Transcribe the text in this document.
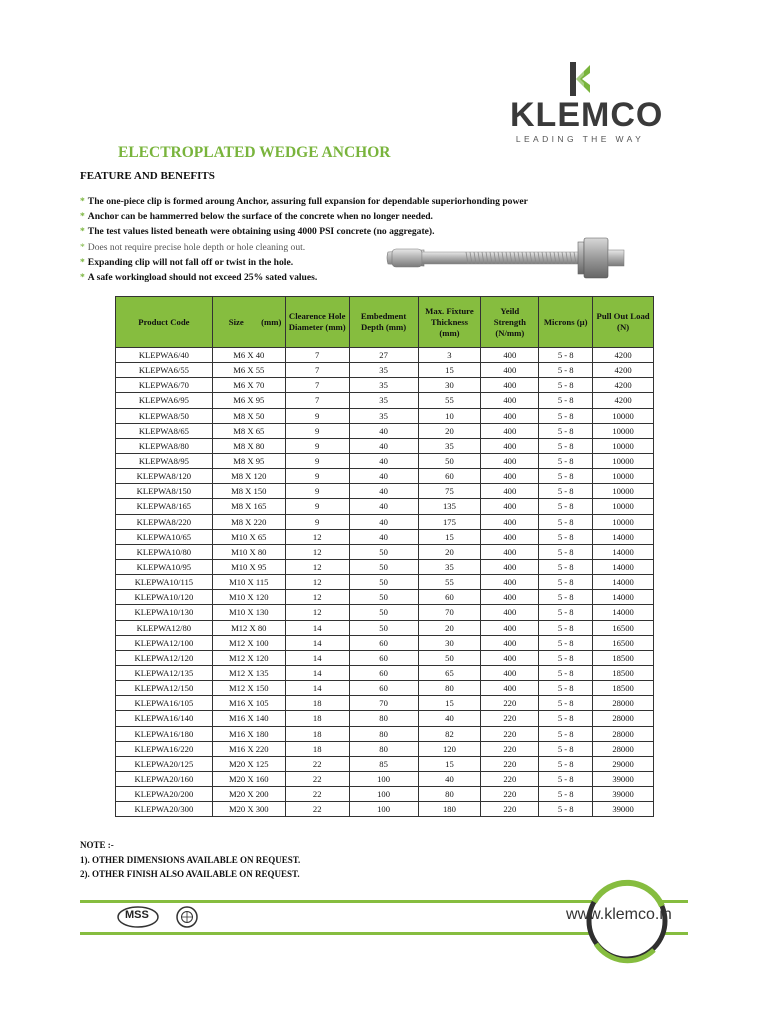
KLEMCO
LEADING THE WAY
ELECTROPLATED WEDGE ANCHOR
FEATURE AND BENEFITS
* The one-piece clip is formed aroung Anchor, assuring full expansion for dependable superiorhonding power
* Anchor can be hammerred below the surface of the concrete when no longer needed.
* The test values listed beneath were obtaining using 4000 PSI concrete (no aggregate).
* Does not require precise hole depth or hole cleaning out.
* Expanding clip will not fall off or twist in the hole.
* A safe workingload should not exceed 25% sated values.
Product Code	Size        (mm)	Clearence Hole Diameter (mm)	Embedment Depth (mm)	Max. Fixture Thickness (mm)	Yeild Strength (N/mm)	Microns (µ)	Pull Out Load (N)
KLEPWA6/40	M6 X 40	7	27	3	400	5 - 8	4200
KLEPWA6/55	M6 X 55	7	35	15	400	5 - 8	4200
KLEPWA6/70	M6 X 70	7	35	30	400	5 - 8	4200
KLEPWA6/95	M6 X 95	7	35	55	400	5 - 8	4200
KLEPWA8/50	M8 X 50	9	35	10	400	5 - 8	10000
KLEPWA8/65	M8 X 65	9	40	20	400	5 - 8	10000
KLEPWA8/80	M8 X 80	9	40	35	400	5 - 8	10000
KLEPWA8/95	M8 X 95	9	40	50	400	5 - 8	10000
KLEPWA8/120	M8 X 120	9	40	60	400	5 - 8	10000
KLEPWA8/150	M8 X 150	9	40	75	400	5 - 8	10000
KLEPWA8/165	M8 X 165	9	40	135	400	5 - 8	10000
KLEPWA8/220	M8 X 220	9	40	175	400	5 - 8	10000
KLEPWA10/65	M10 X 65	12	40	15	400	5 - 8	14000
KLEPWA10/80	M10 X 80	12	50	20	400	5 - 8	14000
KLEPWA10/95	M10 X 95	12	50	35	400	5 - 8	14000
KLEPWA10/115	M10 X 115	12	50	55	400	5 - 8	14000
KLEPWA10/120	M10 X 120	12	50	60	400	5 - 8	14000
KLEPWA10/130	M10 X 130	12	50	70	400	5 - 8	14000
KLEPWA12/80	M12 X 80	14	50	20	400	5 - 8	16500
KLEPWA12/100	M12 X 100	14	60	30	400	5 - 8	16500
KLEPWA12/120	M12 X 120	14	60	50	400	5 - 8	18500
KLEPWA12/135	M12 X 135	14	60	65	400	5 - 8	18500
KLEPWA12/150	M12 X 150	14	60	80	400	5 - 8	18500
KLEPWA16/105	M16 X 105	18	70	15	220	5 - 8	28000
KLEPWA16/140	M16 X 140	18	80	40	220	5 - 8	28000
KLEPWA16/180	M16 X 180	18	80	82	220	5 - 8	28000
KLEPWA16/220	M16 X 220	18	80	120	220	5 - 8	28000
KLEPWA20/125	M20 X 125	22	85	15	220	5 - 8	29000
KLEPWA20/160	M20 X 160	22	100	40	220	5 - 8	39000
KLEPWA20/200	M20 X 200	22	100	80	220	5 - 8	39000
KLEPWA20/300	M20 X 300	22	100	180	220	5 - 8	39000
NOTE :-
1). OTHER DIMENSIONS AVAILABLE ON REQUEST.
2). OTHER FINISH ALSO AVAILABLE ON REQUEST.
MSS	www.klemco.in
